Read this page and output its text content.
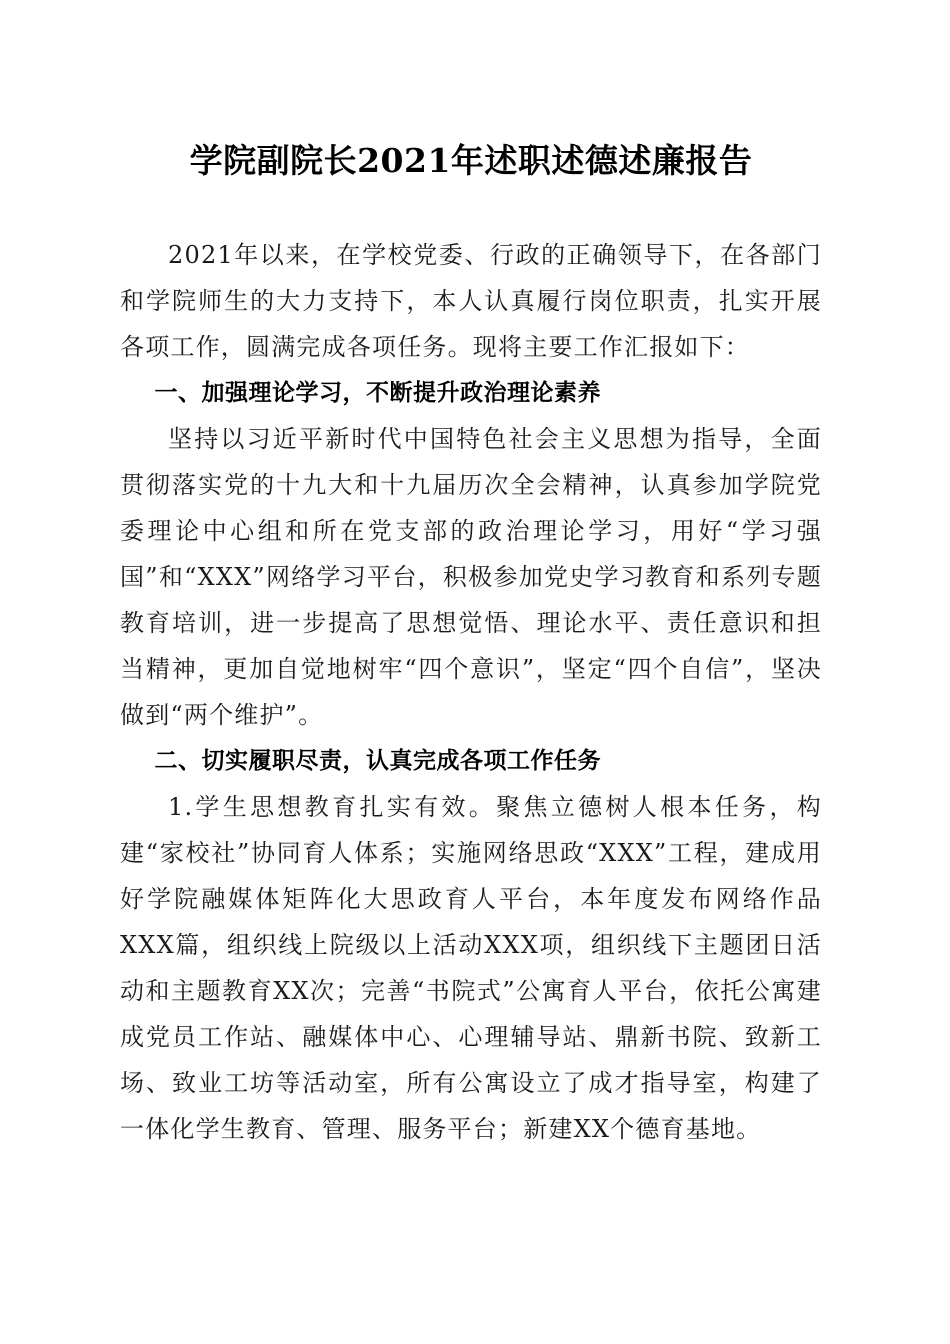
学院副院长2021年述职述德述廉报告

2021年以来，在学校党委、行政的正确领导下，在各部门和学院师生的大力支持下，本人认真履行岗位职责，扎实开展各项工作，圆满完成各项任务。现将主要工作汇报如下：

一、加强理论学习，不断提升政治理论素养

坚持以习近平新时代中国特色社会主义思想为指导，全面贯彻落实党的十九大和十九届历次全会精神，认真参加学院党委理论中心组和所在党支部的政治理论学习，用好“学习强国”和“XXX”网络学习平台，积极参加党史学习教育和系列专题教育培训，进一步提高了思想觉悟、理论水平、责任意识和担当精神，更加自觉地树牢“四个意识”，坚定“四个自信”，坚决做到“两个维护”。

二、切实履职尽责，认真完成各项工作任务

1.学生思想教育扎实有效。聚焦立德树人根本任务，构建“家校社”协同育人体系；实施网络思政“XXX”工程，建成用好学院融媒体矩阵化大思政育人平台，本年度发布网络作品XXX篇，组织线上院级以上活动XXX项，组织线下主题团日活动和主题教育XX次；完善“书院式”公寓育人平台，依托公寓建成党员工作站、融媒体中心、心理辅导站、鼎新书院、致新工场、致业工坊等活动室，所有公寓设立了成才指导室，构建了一体化学生教育、管理、服务平台；新建XX个德育基地。
